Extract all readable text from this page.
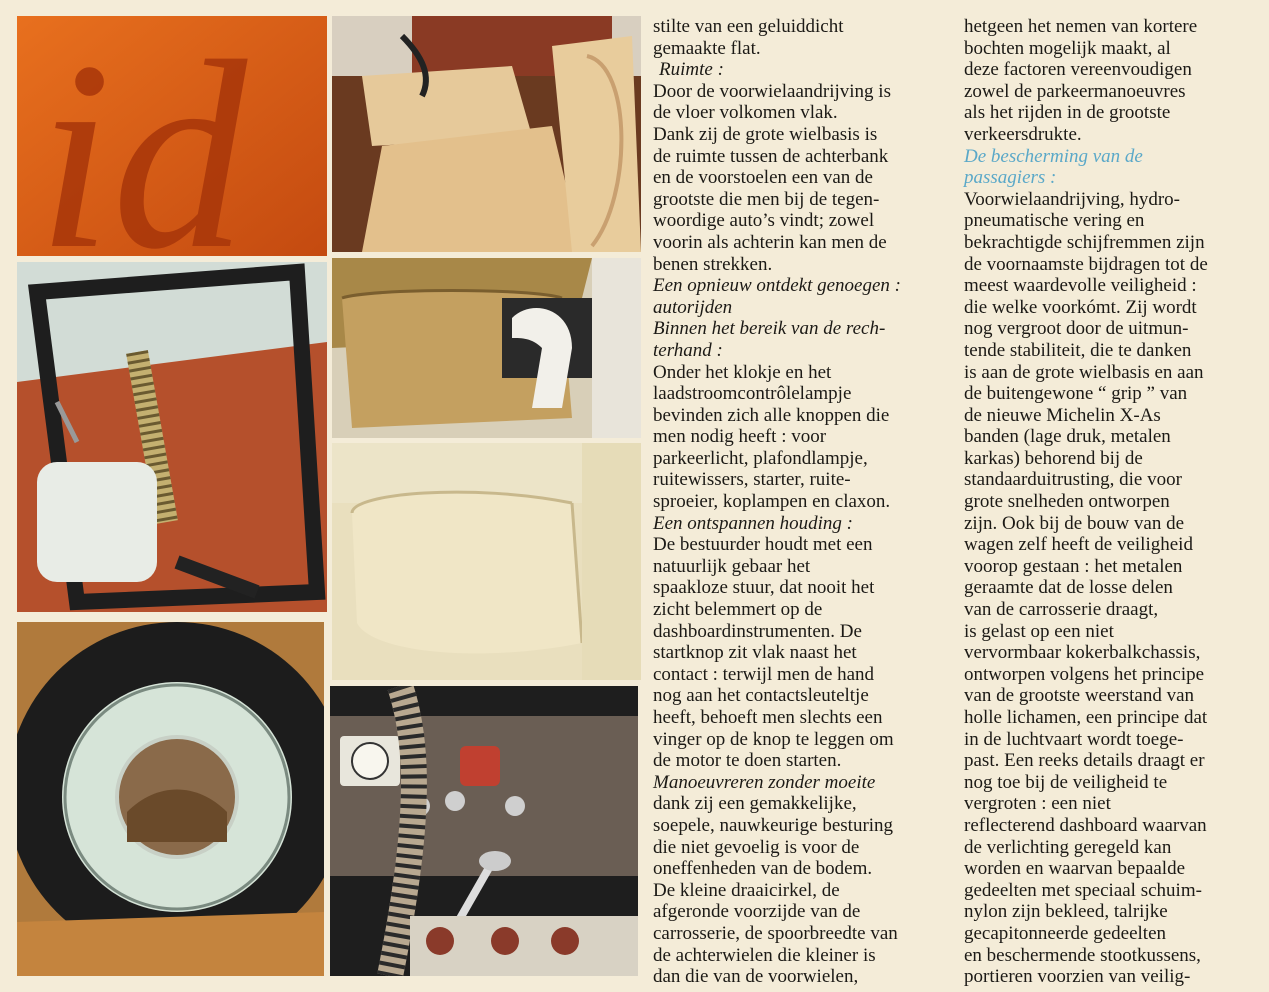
id	stilte van een geluiddicht
gemaakte flat.

Ruimte :

Door de voorwielaandrijving is
de vloer volkomen vlak.
Dank zij de grote wielbasis is
de ruimte tussen de achterbank
en de voorstoelen een van de
grootste die men bij de tegen-
woordige auto’s vindt; zowel
voorin als achterin kan men de
benen strekken.

Een opnieuw ontdekt genoegen :
autorijden

Binnen het bereik van de rech-
terhand :

Onder het klokje en het
laadstroomcontrôlelampje
bevinden zich alle knoppen die
men nodig heeft : voor
parkeerlicht, plafondlampje,
ruitewissers, starter, ruite-
sproeier, koplampen en claxon.

Een ontspannen houding :

De bestuurder houdt met een
natuurlijk gebaar het
spaakloze stuur, dat nooit het
zicht belemmert op de
dashboardinstrumenten. De
startknop zit vlak naast het
contact : terwijl men de hand
nog aan het contactsleuteltje
heeft, behoeft men slechts een
vinger op de knop te leggen om
de motor te doen starten.

Manoeuvreren zonder moeite

dank zij een gemakkelijke,
soepele, nauwkeurige besturing
die niet gevoelig is voor de
oneffenheden van de bodem.
De kleine draaicirkel, de
afgeronde voorzijde van de
carrosserie, de spoorbreedte van
de achterwielen die kleiner is
dan die van de voorwielen,

hetgeen het nemen van kortere
bochten mogelijk maakt, al
deze factoren vereenvoudigen
zowel de parkeermanoeuvres
als het rijden in de grootste
verkeersdrukte.

De bescherming van de
passagiers :

Voorwielaandrijving, hydro-
pneumatische vering en
bekrachtigde schijfremmen zijn
de voornaamste bijdragen tot de
meest waardevolle veiligheid :
die welke voorkómt. Zij wordt
nog vergroot door de uitmun-
tende stabiliteit, die te danken
is aan de grote wielbasis en aan
de buitengewone “ grip ” van
de nieuwe Michelin X-As
banden (lage druk, metalen
karkas) behorend bij de
standaarduitrusting, die voor
grote snelheden ontworpen
zijn. Ook bij de bouw van de
wagen zelf heeft de veiligheid
voorop gestaan : het metalen
geraamte dat de losse delen
van de carrosserie draagt,
is gelast op een niet
vervormbaar kokerbalkchassis,
ontworpen volgens het principe
van de grootste weerstand van
holle lichamen, een principe dat
in de luchtvaart wordt toege-
past. Een reeks details draagt er
nog toe bij de veiligheid te
vergroten : een niet
reflecterend dashboard waarvan
de verlichting geregeld kan
worden en waarvan bepaalde
gedeelten met speciaal schuim-
nylon zijn bekleed, talrijke
gecapitonneerde gedeelten
en beschermende stootkussens,
portieren voorzien van veilig-
